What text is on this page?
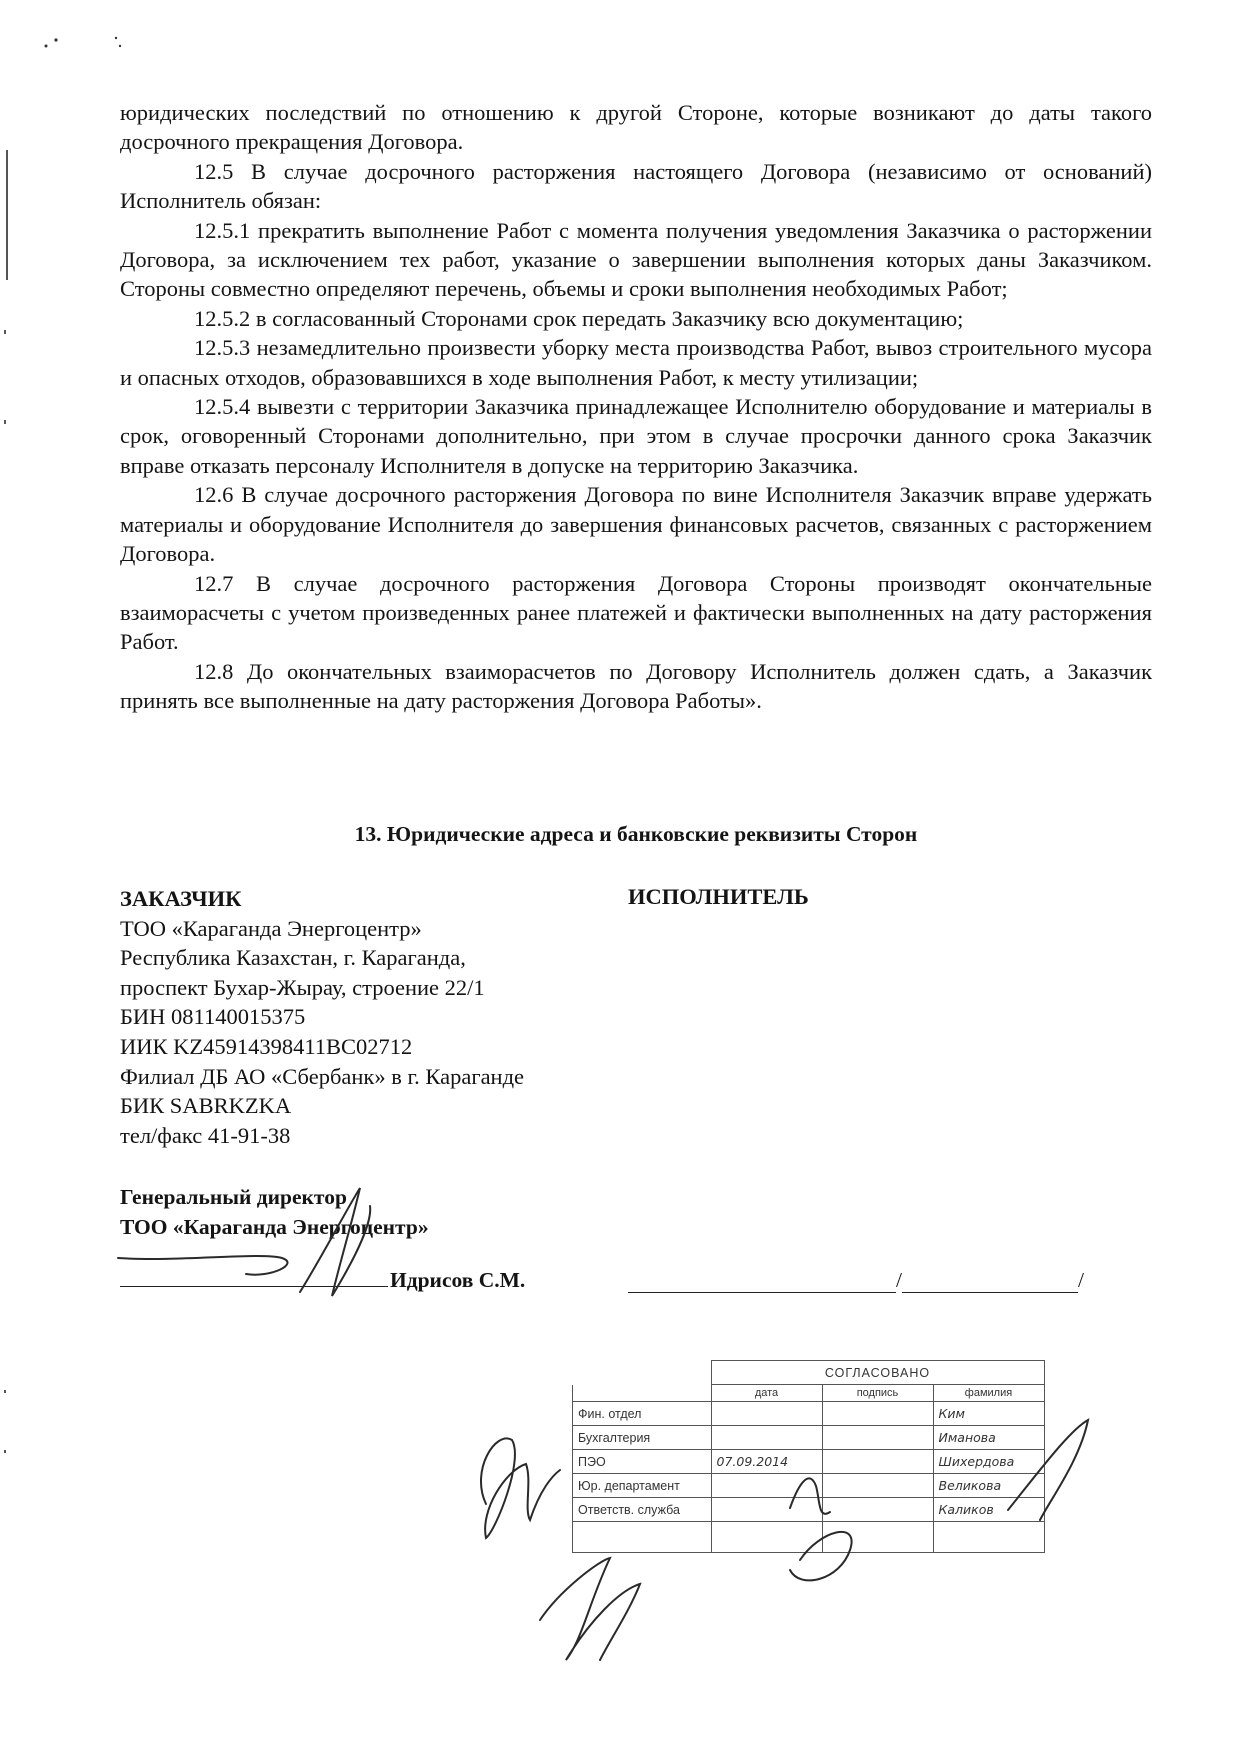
юридических последствий по отношению к другой Стороне, которые возникают до даты такого досрочного прекращения Договора.

12.5 В случае досрочного расторжения настоящего Договора (независимо от оснований) Исполнитель обязан:

12.5.1 прекратить выполнение Работ с момента получения уведомления Заказчика о расторжении Договора, за исключением тех работ, указание о завершении выполнения которых даны Заказчиком. Стороны совместно определяют перечень, объемы и сроки выполнения необходимых Работ;

12.5.2 в согласованный Сторонами срок передать Заказчику всю документацию;

12.5.3 незамедлительно произвести уборку места производства Работ, вывоз строительного мусора и опасных отходов, образовавшихся в ходе выполнения Работ, к месту утилизации;

12.5.4 вывезти с территории Заказчика принадлежащее Исполнителю оборудование и материалы в срок, оговоренный Сторонами дополнительно, при этом в случае просрочки данного срока Заказчик вправе отказать персоналу Исполнителя в допуске на территорию Заказчика.

12.6 В случае досрочного расторжения Договора по вине Исполнителя Заказчик вправе удержать материалы и оборудование Исполнителя до завершения финансовых расчетов, связанных с расторжением Договора.

12.7 В случае досрочного расторжения Договора Стороны производят окончательные взаиморасчеты с учетом произведенных ранее платежей и фактически выполненных на дату расторжения Работ.

12.8 До окончательных взаиморасчетов по Договору Исполнитель должен сдать, а Заказчик принять все выполненные на дату расторжения Договора Работы».

13. Юридические адреса и банковские реквизиты Сторон
ЗАКАЗЧИК
ТОО «Караганда Энергоцентр»
Республика Казахстан, г. Караганда,
проспект Бухар-Жырау, строение 22/1
БИН 081140015375
ИИК KZ45914398411BC02712
Филиал ДБ АО «Сбербанк» в г. Караганде
БИК SABRKZKA
тел/факс 41-91-38
ИСПОЛНИТЕЛЬ
Генеральный директор
ТОО «Караганда Энергоцентр»
Идрисов С.М.	/	/
	СОГЛАСОВАНО		
	дата	подпись	фамилия
Фин. отдел			Ким
Бухгалтерия			Иманова
ПЭО	07.09.2014		Шихердова
Юр. департамент			Великова
Ответств. служба			Каликов
